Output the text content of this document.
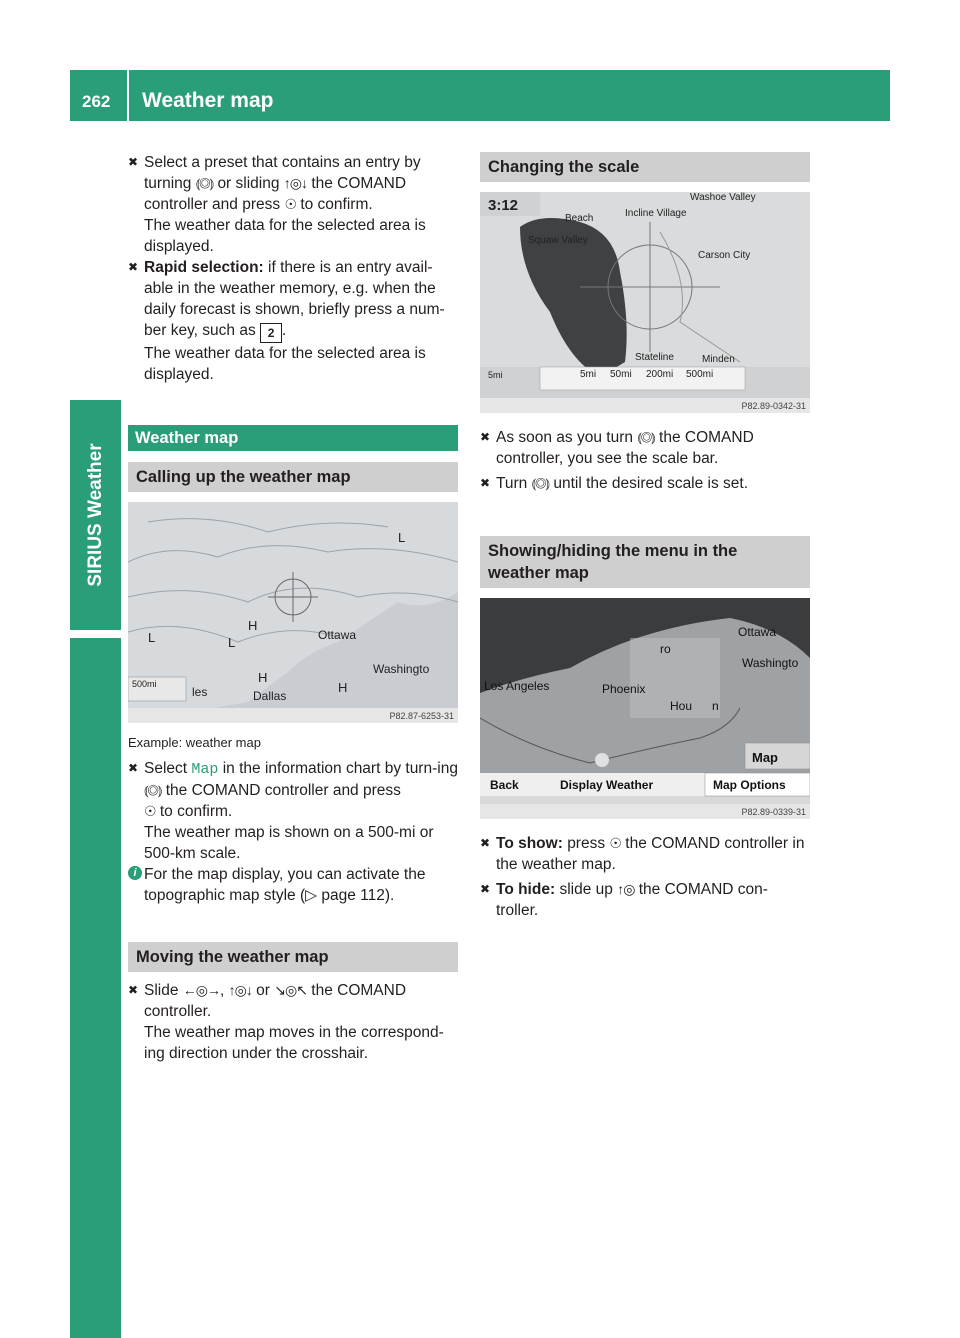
262 Weather map
SIRIUS Weather

✖ Select a preset that contains an entry by turning ⦅◎⦆ or sliding ↑◎↓ the COMAND controller and press ☉ to confirm.
The weather data for the selected area is displayed.

✖ Rapid selection: if there is an entry avail-able in the weather memory, e.g. when the daily forecast is shown, briefly press a num-ber key, such as 2 .
The weather data for the selected area is displayed.

Weather map
Calling up the weather map
Ottawa
Washingto
Dallas
les
H
H
H
L
L
L
500mi
P82.87-6253-31
Example: weather map

✖ Select Map in the information chart by turn-ing ⦅◎⦆ the COMAND controller and press
☉ to confirm.
The weather map is shown on a 500-mi or 500-km scale.

i For the map display, you can activate the topographic map style (▷ page 112).

Moving the weather map

✖ Slide ←◎→, ↑◎↓ or ↘◎↖ the COMAND controller.
The weather map moves in the correspond-ing direction under the crosshair.

Changing the scale
3:12	Washoe Valley
Incline Village
Beach
Squaw Valley
Carson City
Stateline	Minden
5mi	5mi 50mi 200mi 500mi
P82.89-0342-31

✖ As soon as you turn ⦅◎⦆ the COMAND controller, you see the scale bar.

✖ Turn ⦅◎⦆ until the desired scale is set.

Showing/hiding the menu in the weather map
Ottawa
Washingto
Los Angeles	Phoenix
Hou n
ro
Map
Back	Display Weather	Map Options
P82.89-0339-31

✖ To show: press ☉ the COMAND controller in the weather map.

✖ To hide: slide up ↑◎ the COMAND con-troller.
